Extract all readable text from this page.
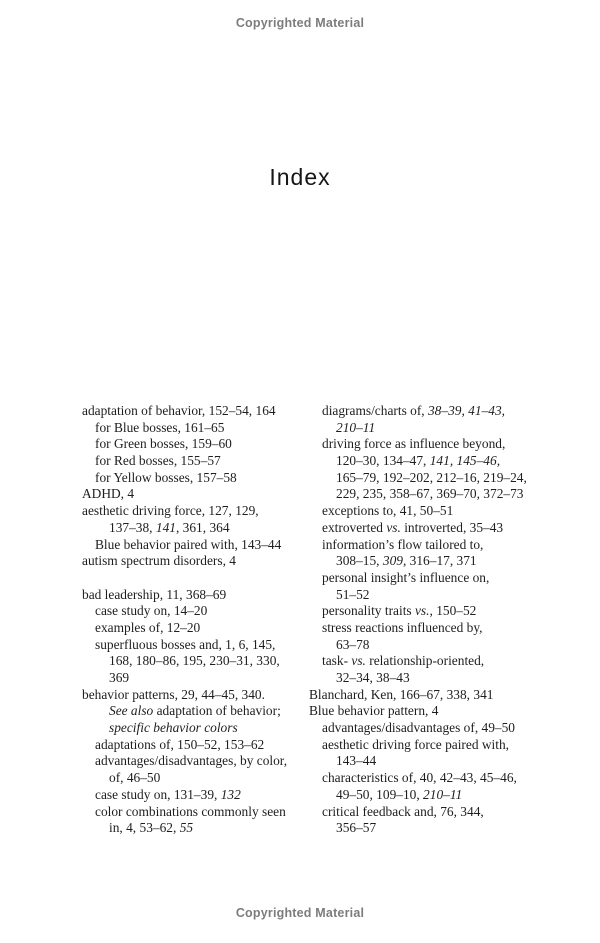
Copyrighted Material
Index
adaptation of behavior, 152–54, 164
for Blue bosses, 161–65
for Green bosses, 159–60
for Red bosses, 155–57
for Yellow bosses, 157–58
ADHD, 4
aesthetic driving force, 127, 129,
137–38, 141, 361, 364
Blue behavior paired with, 143–44
autism spectrum disorders, 4
bad leadership, 11, 368–69
case study on, 14–20
examples of, 12–20
superfluous bosses and, 1, 6, 145,
168, 180–86, 195, 230–31, 330,
369
behavior patterns, 29, 44–45, 340.
See also adaptation of behavior;
specific behavior colors
adaptations of, 150–52, 153–62
advantages/disadvantages, by color,
of, 46–50
case study on, 131–39, 132
color combinations commonly seen
in, 4, 53–62, 55
diagrams/charts of, 38–39, 41–43,
210–11
driving force as influence beyond,
120–30, 134–47, 141, 145–46,
165–79, 192–202, 212–16, 219–24,
229, 235, 358–67, 369–70, 372–73
exceptions to, 41, 50–51
extroverted vs. introverted, 35–43
information’s flow tailored to,
308–15, 309, 316–17, 371
personal insight’s influence on,
51–52
personality traits vs., 150–52
stress reactions influenced by,
63–78
task- vs. relationship-oriented,
32–34, 38–43
Blanchard, Ken, 166–67, 338, 341
Blue behavior pattern, 4
advantages/disadvantages of, 49–50
aesthetic driving force paired with,
143–44
characteristics of, 40, 42–43, 45–46,
49–50, 109–10, 210–11
critical feedback and, 76, 344,
356–57
Copyrighted Material
